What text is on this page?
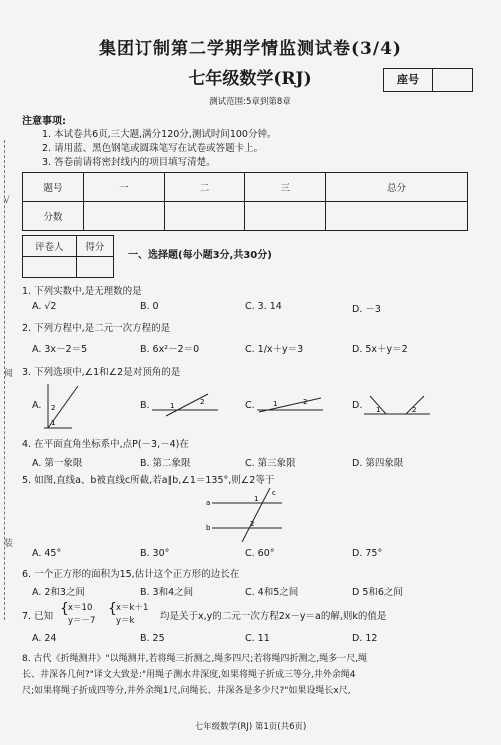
√
阅
装
集团订制第二学期学情监测试卷(3/4)
七年级数学(RJ)	座号
测试范围:5章到第8章
注意事项:
1. 本试卷共6页,三大题,满分120分,测试时间100分钟。
2. 请用蓝、黑色钢笔或圆珠笔写在试卷或答题卡上。
3. 答卷前请将密封线内的项目填写清楚。
题号	一	二	三	总分
分数				
评卷人	得分

一、选择题(每小题3分,共30分)
1. 下列实数中,是无理数的是
A. √2	B. 0	C. 3. 14	D. －3
2. 下列方程中,是二元一次方程的是
A. 3x－2＝5	B. 6x²－2＝0	C. 1/x＋y＝3	D. 5x＋y＝2
3. 下列选项中,∠1和∠2是对顶角的是
A.	B.	C.	D.
2
1
1	2	1	2
1	2
4. 在平面直角坐标系中,点P(－3,－4)在
A. 第一象限	B. 第二象限	C. 第三象限	D. 第四象限
5. 如图,直线a、b被直线c所截,若a∥b,∠1＝135°,则∠2等于
a
b
c
1
2
A. 45°	B. 30°	C. 60°	D. 75°
6. 一个正方形的面积为15,估计这个正方形的边长在
A. 2和3之间	B. 3和4之间	C. 4和5之间	D 5和6之间
7. 已知 { x＝10
y＝－7
{ x＝k＋1
y＝k	均是关于x,y的二元一次方程2x－y＝a的解,则k的值是
A. 24	B. 25	C. 11	D. 12
8. 古代《折绳测井》"以绳测井,若将绳三折测之,绳多四尺;若将绳四折测之,绳多一尺,绳
长、井深各几何?"译文大致是:"用绳子测水井深度,如果将绳子折成三等分,井外余绳4
尺;如果将绳子折成四等分,井外余绳1尺,问绳长、井深各是多少尺?"如果设绳长x尺,
七年级数学(RJ) 第1页(共6页)
